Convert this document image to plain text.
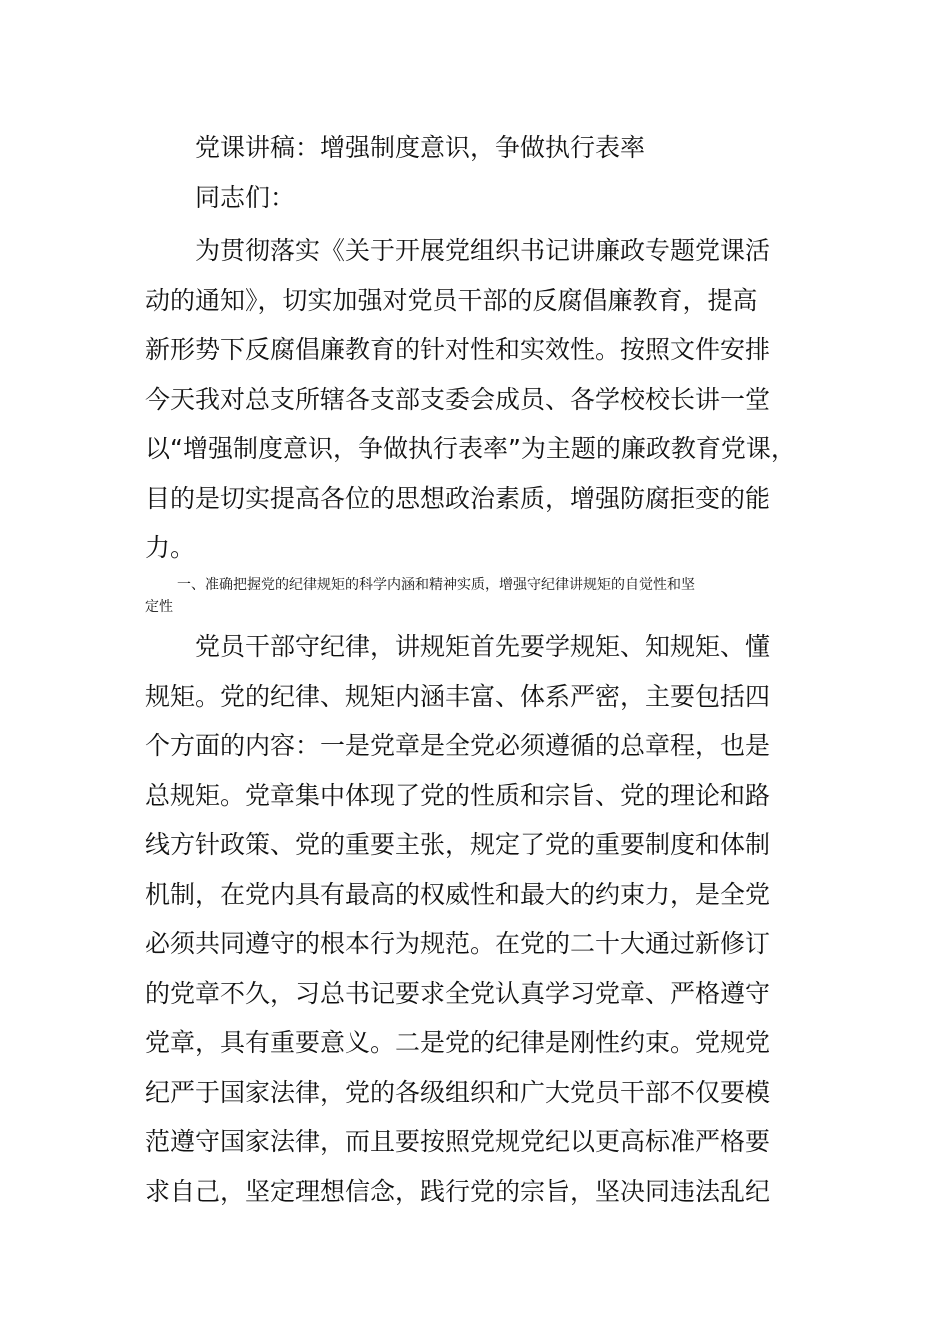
党课讲稿：增强制度意识，争做执行表率
同志们：
为贯彻落实《关于开展党组织书记讲廉政专题党课活
动的通知》，切实加强对党员干部的反腐倡廉教育，提高
新形势下反腐倡廉教育的针对性和实效性。按照文件安排
今天我对总支所辖各支部支委会成员、各学校校长讲一堂
以“增强制度意识，争做执行表率”为主题的廉政教育党课，
目的是切实提高各位的思想政治素质，增强防腐拒变的能
力。
一、准确把握党的纪律规矩的科学内涵和精神实质，增强守纪律讲规矩的自觉性和坚
定性
党员干部守纪律，讲规矩首先要学规矩、知规矩、懂
规矩。党的纪律、规矩内涵丰富、体系严密，主要包括四
个方面的内容：一是党章是全党必须遵循的总章程，也是
总规矩。党章集中体现了党的性质和宗旨、党的理论和路
线方针政策、党的重要主张，规定了党的重要制度和体制
机制，在党内具有最高的权威性和最大的约束力，是全党
必须共同遵守的根本行为规范。在党的二十大通过新修订
的党章不久，习总书记要求全党认真学习党章、严格遵守
党章，具有重要意义。二是党的纪律是刚性约束。党规党
纪严于国家法律，党的各级组织和广大党员干部不仅要模
范遵守国家法律，而且要按照党规党纪以更高标准严格要
求自己，坚定理想信念，践行党的宗旨，坚决同违法乱纪
